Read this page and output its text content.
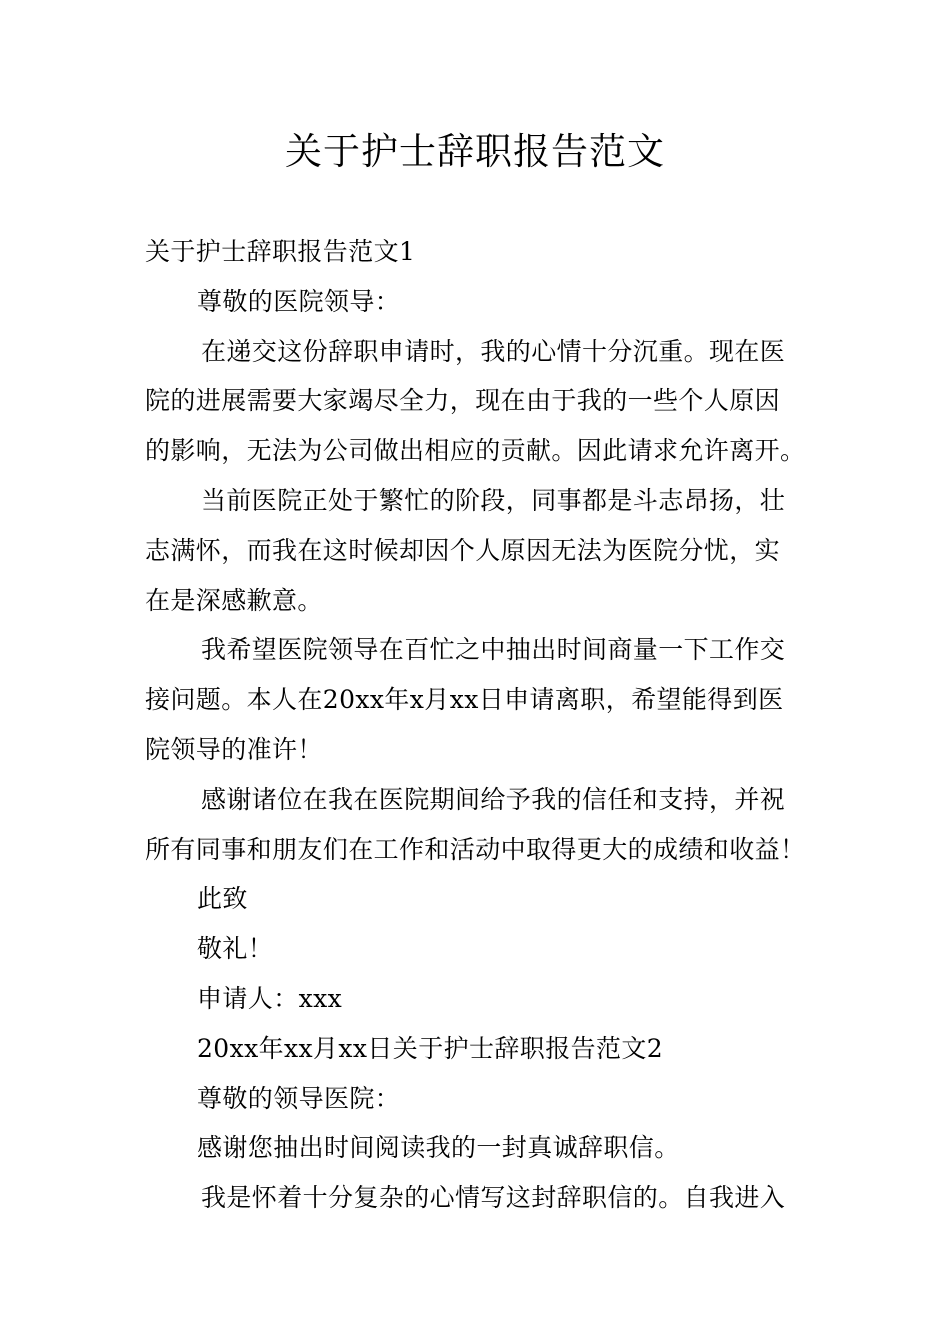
关于护士辞职报告范文

关于护士辞职报告范文1

尊敬的医院领导：

在递交这份辞职申请时，我的心情十分沉重。现在医

院的进展需要大家竭尽全力，现在由于我的一些个人原因

的影响，无法为公司做出相应的贡献。因此请求允许离开。

当前医院正处于繁忙的阶段，同事都是斗志昂扬，壮

志满怀，而我在这时候却因个人原因无法为医院分忧，实

在是深感歉意。

我希望医院领导在百忙之中抽出时间商量一下工作交

接问题。本人在20xx年x月xx日申请离职，希望能得到医

院领导的准许！

感谢诸位在我在医院期间给予我的信任和支持，并祝

所有同事和朋友们在工作和活动中取得更大的成绩和收益！

此致

敬礼！

申请人：xxx

20xx年xx月xx日关于护士辞职报告范文2

尊敬的领导医院：

感谢您抽出时间阅读我的一封真诚辞职信。

我是怀着十分复杂的心情写这封辞职信的。自我进入
